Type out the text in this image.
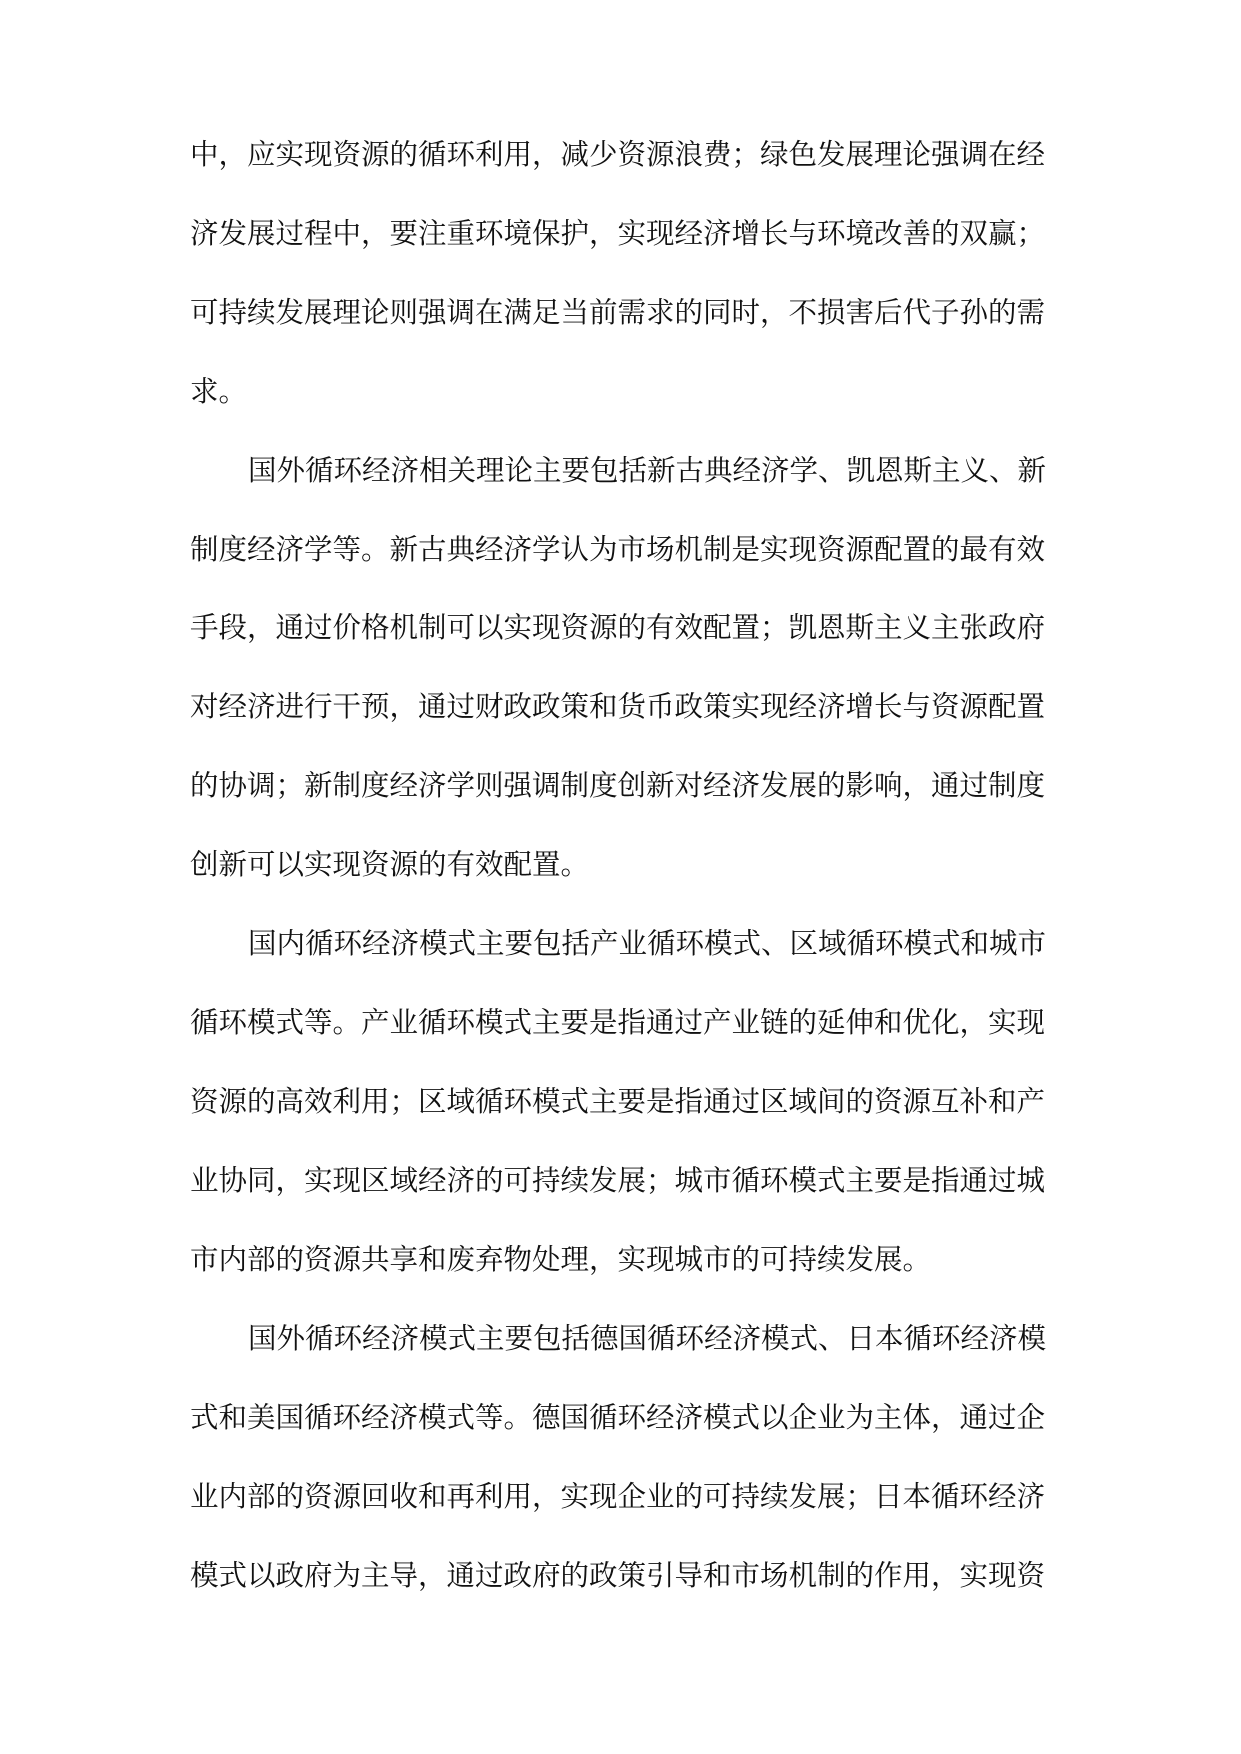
中，应实现资源的循环利用，减少资源浪费；绿色发展理论强调在经
济发展过程中，要注重环境保护，实现经济增长与环境改善的双赢；
可持续发展理论则强调在满足当前需求的同时，不损害后代子孙的需
求。
国外循环经济相关理论主要包括新古典经济学、凯恩斯主义、新
制度经济学等。新古典经济学认为市场机制是实现资源配置的最有效
手段，通过价格机制可以实现资源的有效配置；凯恩斯主义主张政府
对经济进行干预，通过财政政策和货币政策实现经济增长与资源配置
的协调；新制度经济学则强调制度创新对经济发展的影响，通过制度
创新可以实现资源的有效配置。
国内循环经济模式主要包括产业循环模式、区域循环模式和城市
循环模式等。产业循环模式主要是指通过产业链的延伸和优化，实现
资源的高效利用；区域循环模式主要是指通过区域间的资源互补和产
业协同，实现区域经济的可持续发展；城市循环模式主要是指通过城
市内部的资源共享和废弃物处理，实现城市的可持续发展。
国外循环经济模式主要包括德国循环经济模式、日本循环经济模
式和美国循环经济模式等。德国循环经济模式以企业为主体，通过企
业内部的资源回收和再利用，实现企业的可持续发展；日本循环经济
模式以政府为主导，通过政府的政策引导和市场机制的作用，实现资
